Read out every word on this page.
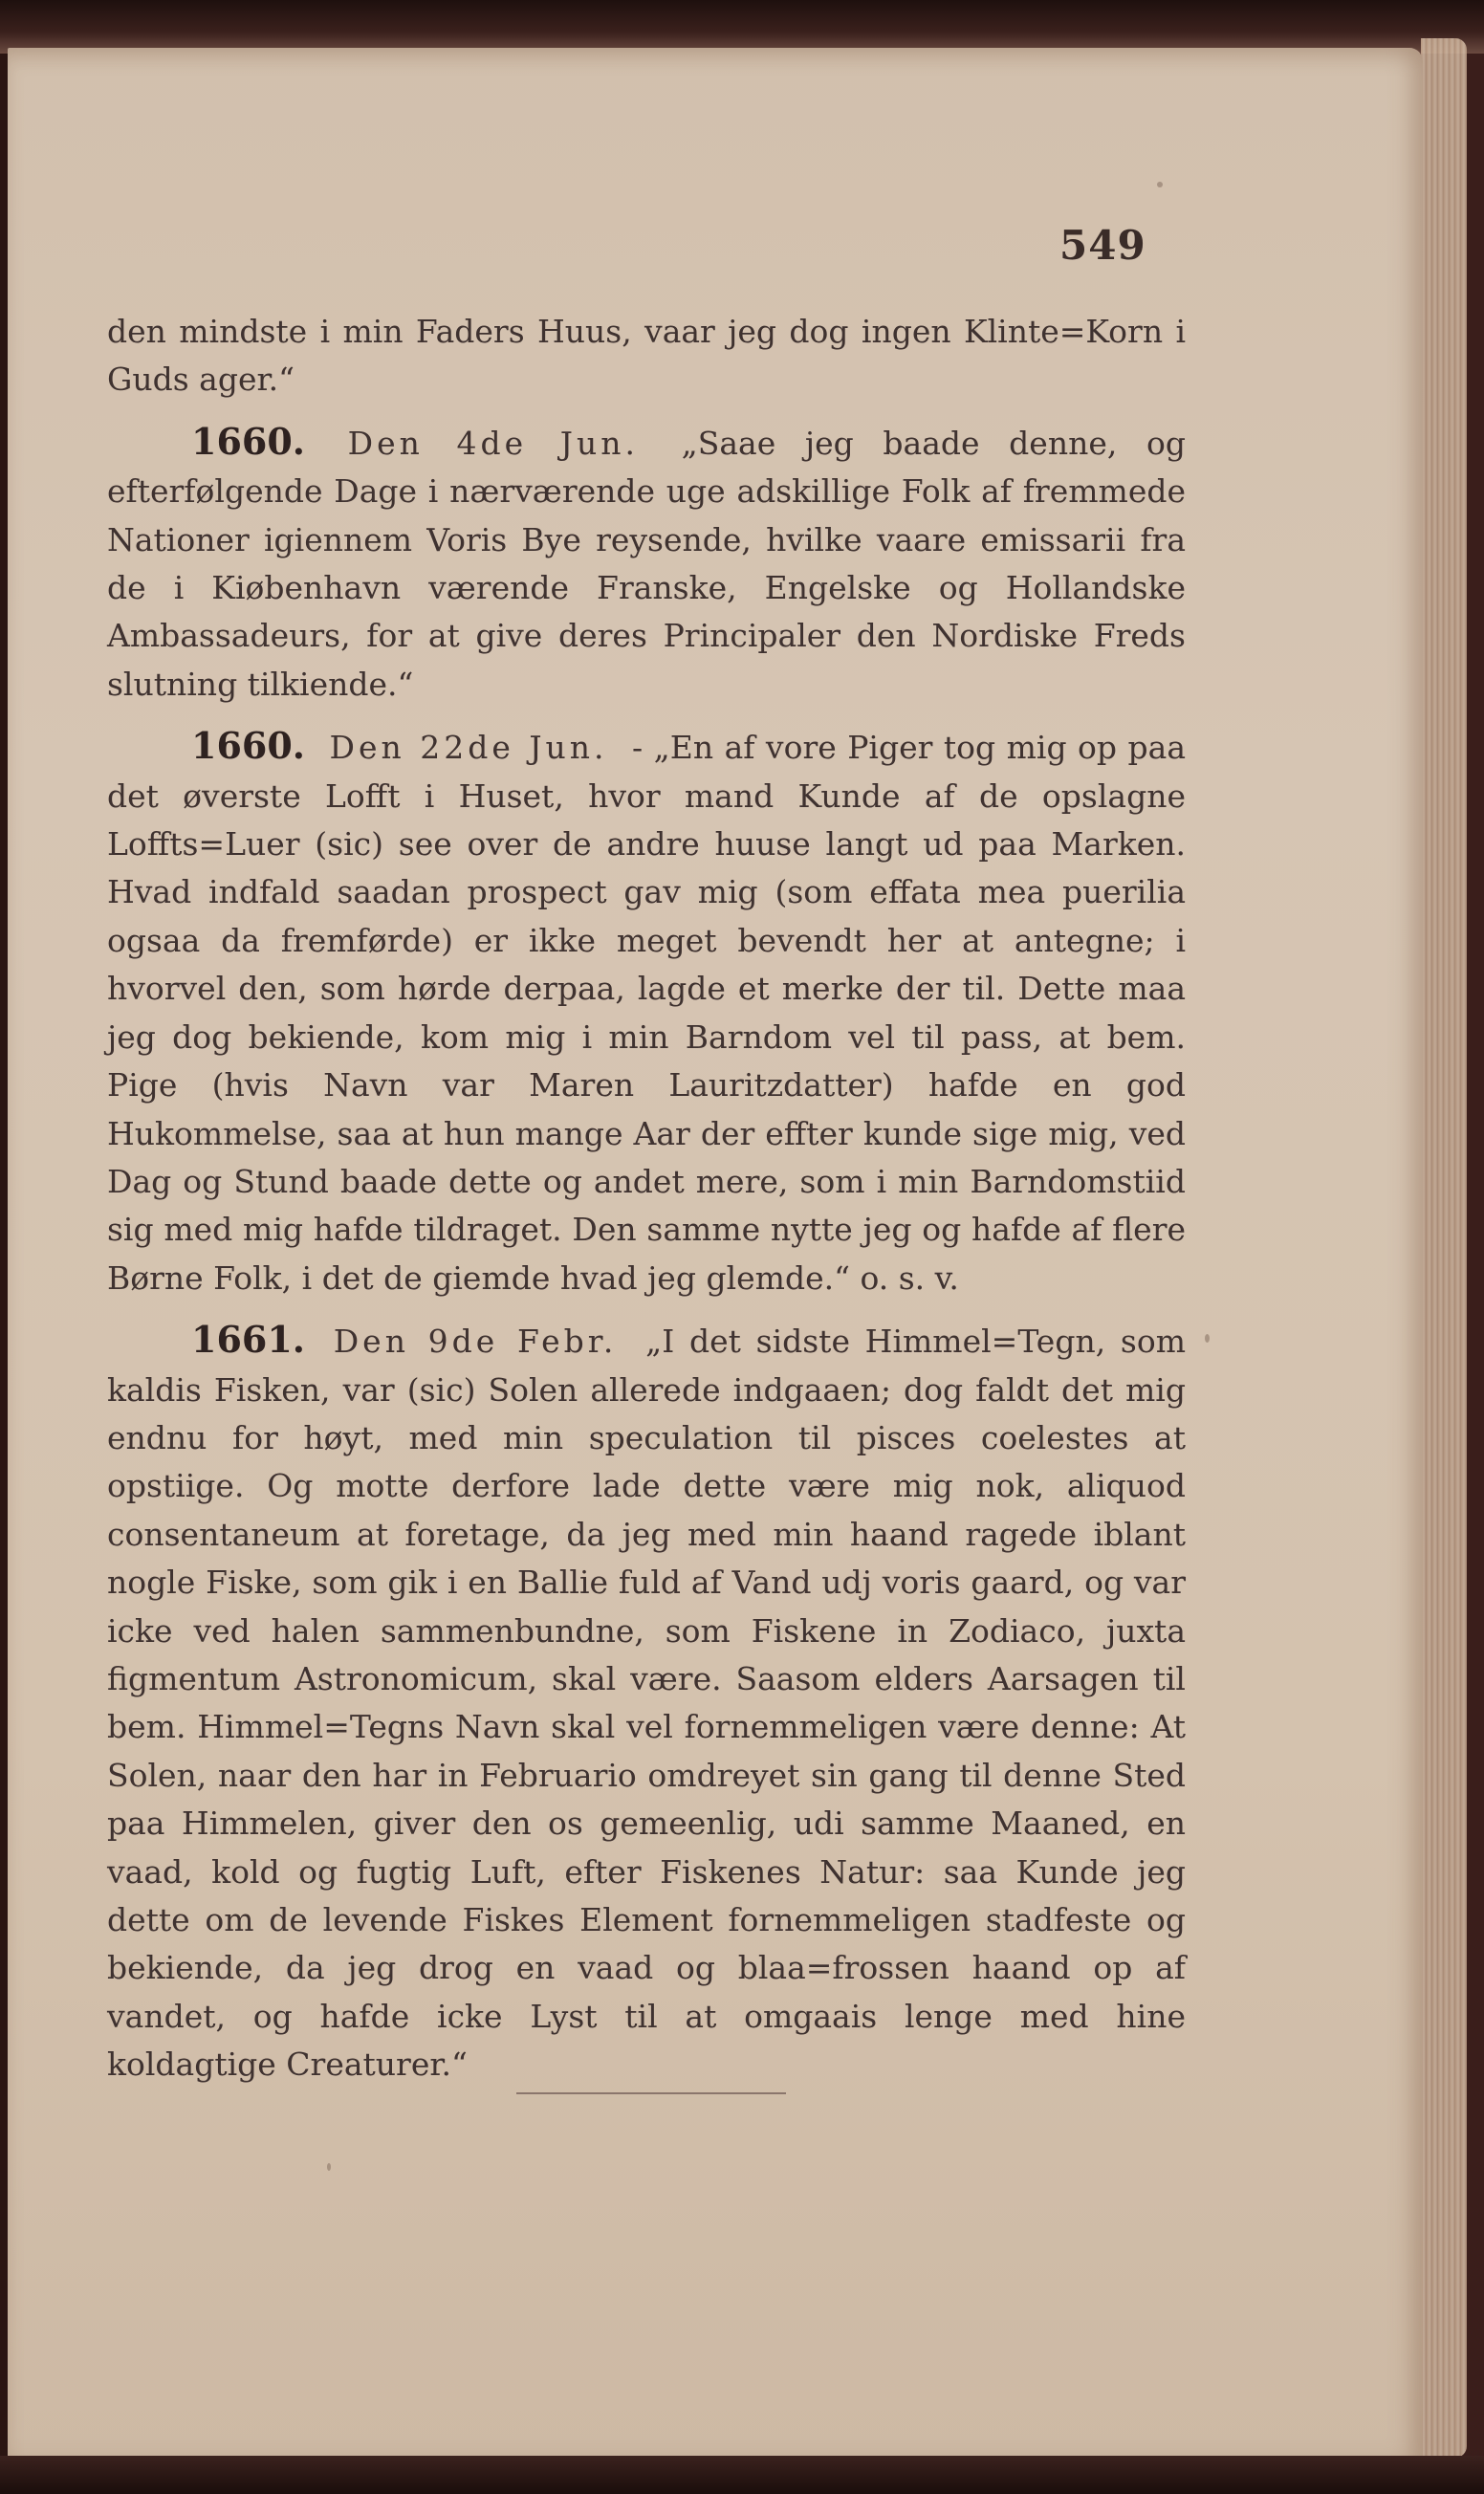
549

den mindste i min Faders Huus, vaar jeg dog ingen Klinte=Korn i Guds ager.“

1660. Den 4de Jun. „Saae jeg baade denne, og efterfølgende Dage i nærværende uge adskillige Folk af fremmede Nationer igiennem Voris Bye reysende, hvilke vaare emissarii fra de i Kiøbenhavn værende Franske, Engelske og Hollandske Ambassadeurs, for at give deres Principaler den Nordiske Freds slutning tilkiende.“

1660. Den 22de Jun. - „En af vore Piger tog mig op paa det øverste Lofft i Huset, hvor mand Kunde af de opslagne Loffts=Luer (sic) see over de andre huuse langt ud paa Marken. Hvad indfald saadan prospect gav mig (som effata mea puerilia ogsaa da fremførde) er ikke meget bevendt her at antegne; i hvorvel den, som hørde derpaa, lagde et merke der til. Dette maa jeg dog bekiende, kom mig i min Barndom vel til pass, at bem. Pige (hvis Navn var Maren Lauritzdatter) hafde en god Hukommelse, saa at hun mange Aar der effter kunde sige mig, ved Dag og Stund baade dette og andet mere, som i min Barndomstiid sig med mig hafde tildraget. Den samme nytte jeg og hafde af flere Børne Folk, i det de giemde hvad jeg glemde.“ o. s. v.

1661. Den 9de Febr. „I det sidste Himmel=Tegn, som kaldis Fisken, var (sic) Solen allerede indgaaen; dog faldt det mig endnu for høyt, med min speculation til pisces coelestes at opstiige. Og motte derfore lade dette være mig nok, aliquod consentaneum at foretage, da jeg med min haand ragede iblant nogle Fiske, som gik i en Ballie fuld af Vand udj voris gaard, og var icke ved halen sammenbundne, som Fiskene in Zodiaco, juxta figmentum Astronomicum, skal være. Saasom elders Aarsagen til bem. Himmel=Tegns Navn skal vel fornemmeligen være denne: At Solen, naar den har in Februario omdreyet sin gang til denne Sted paa Himmelen, giver den os gemeenlig, udi samme Maaned, en vaad, kold og fugtig Luft, efter Fiskenes Natur: saa Kunde jeg dette om de levende Fiskes Element fornemmeligen stadfeste og bekiende, da jeg drog en vaad og blaa=frossen haand op af vandet, og hafde icke Lyst til at omgaais lenge med hine koldagtige Creaturer.“
